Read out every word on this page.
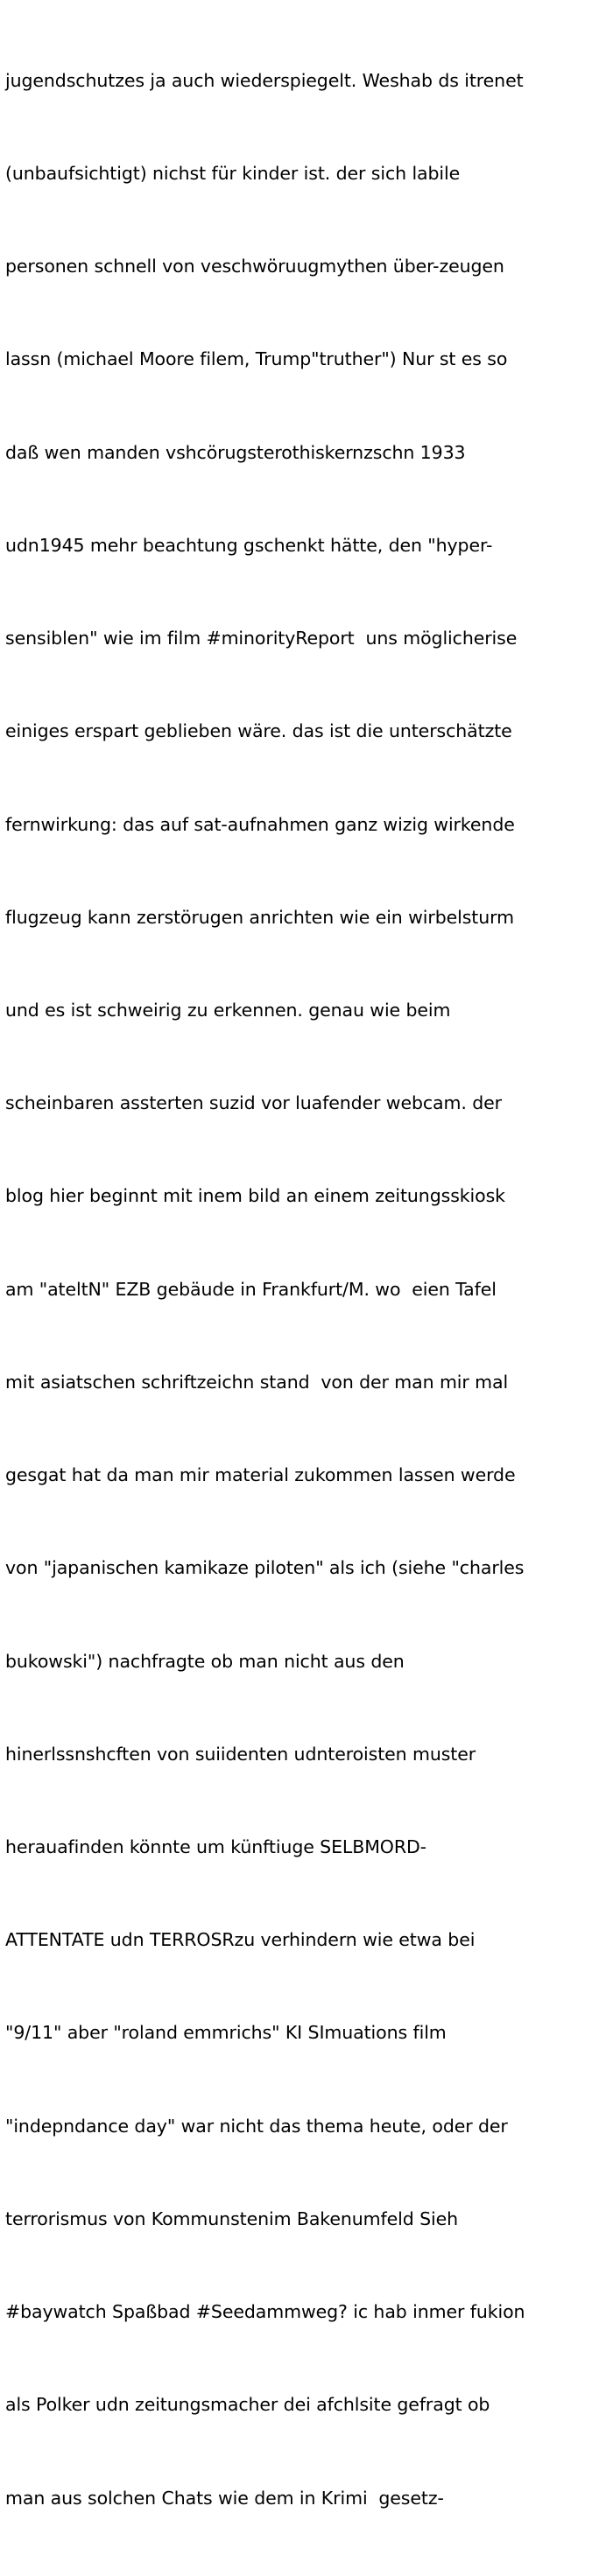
jugendschutzes ja auch wiederspiegelt. Weshab ds itrenet

(unbaufsichtigt) nichst für kinder ist. der sich labile

personen schnell von veschwöruugmythen über-zeugen

lassn (michael Moore filem, Trump"truther") Nur st es so

daß wen manden vshcörugsterothiskernzschn 1933

udn1945 mehr beachtung gschenkt hätte, den "hyper-

sensiblen" wie im film #minorityReport  uns möglicherise

einiges erspart geblieben wäre. das ist die unterschätzte

fernwirkung: das auf sat-aufnahmen ganz wizig wirkende

flugzeug kann zerstörugen anrichten wie ein wirbelsturm

und es ist schweirig zu erkennen. genau wie beim

scheinbaren assterten suzid vor luafender webcam. der

blog hier beginnt mit inem bild an einem zeitungsskiosk

am "ateltN" EZB gebäude in Frankfurt/M. wo  eien Tafel

mit asiatschen schriftzeichn stand  von der man mir mal

gesgat hat da man mir material zukommen lassen werde

von "japanischen kamikaze piloten" als ich (siehe "charles

bukowski") nachfragte ob man nicht aus den

hinerlssnshcften von suiidenten udnteroisten muster

herauafinden könnte um künftiuge SELBMORD-

ATTENTATE udn TERROSRzu verhindern wie etwa bei

"9/11" aber "roland emmrichs" KI SImuations film

"indepndance day" war nicht das thema heute, oder der

terrorismus von Kommunstenim Bakenumfeld Sieh

#baywatch Spaßbad #Seedammweg? ic hab inmer fukion

als Polker udn zeitungsmacher dei afchlsite gefragt ob

man aus solchen Chats wie dem in Krimi  gesetz-
